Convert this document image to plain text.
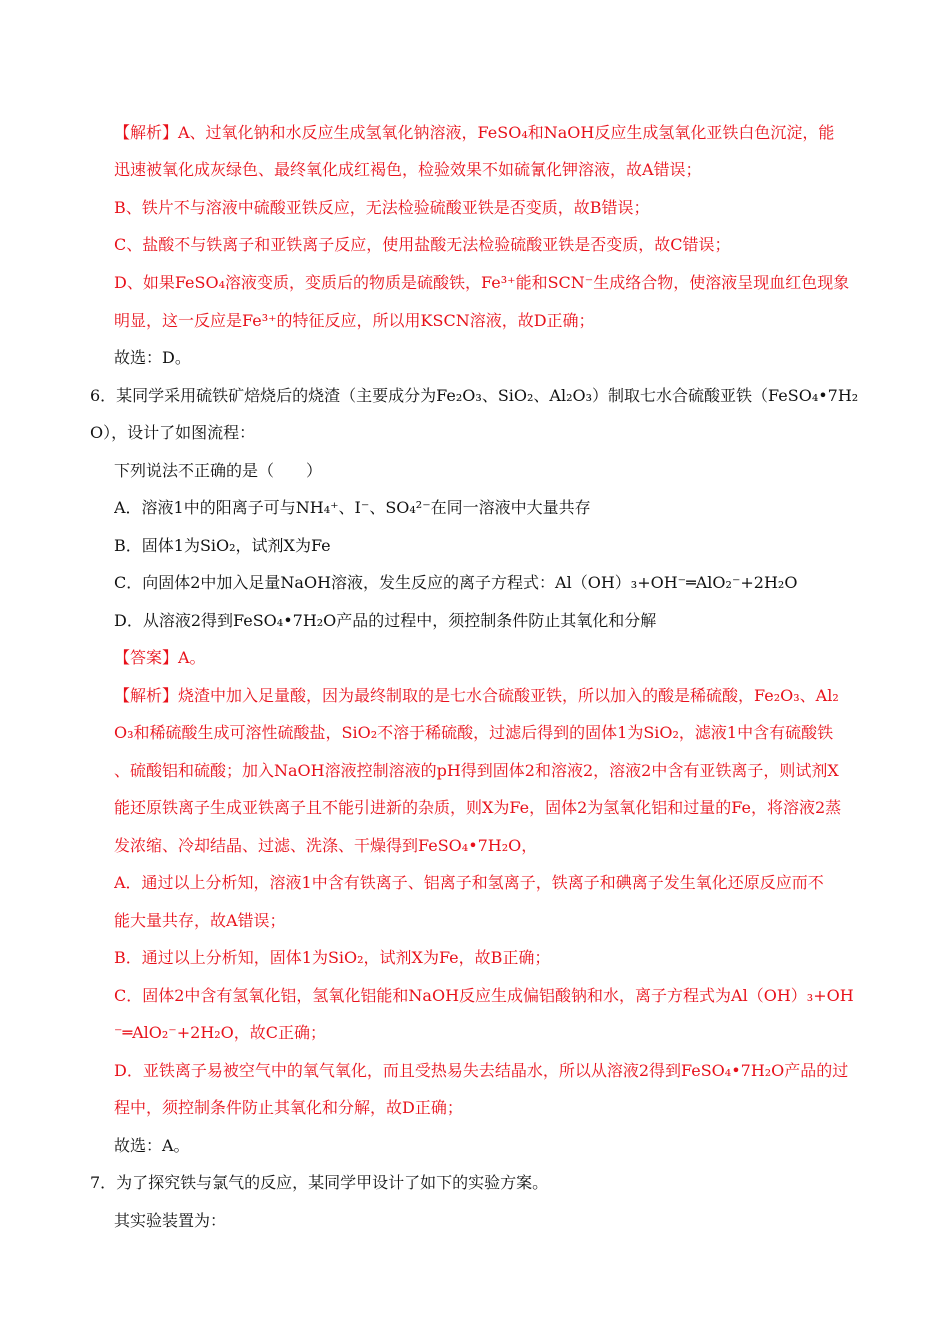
【解析】A、过氧化钠和水反应生成氢氧化钠溶液，FeSO₄和NaOH反应生成氢氧化亚铁白色沉淀，能
迅速被氧化成灰绿色、最终氧化成红褐色，检验效果不如硫氰化钾溶液，故A错误；
B、铁片不与溶液中硫酸亚铁反应，无法检验硫酸亚铁是否变质，故B错误；
C、盐酸不与铁离子和亚铁离子反应，使用盐酸无法检验硫酸亚铁是否变质，故C错误；
D、如果FeSO₄溶液变质，变质后的物质是硫酸铁，Fe³⁺能和SCN⁻生成络合物，使溶液呈现血红色现象
明显，这一反应是Fe³⁺的特征反应，所以用KSCN溶液，故D正确；
故选：D。
6．某同学采用硫铁矿焙烧后的烧渣（主要成分为Fe₂O₃、SiO₂、Al₂O₃）制取七水合硫酸亚铁（FeSO₄•7H₂
O），设计了如图流程：
下列说法不正确的是（　　）
A．溶液1中的阳离子可与NH₄⁺、I⁻、SO₄²⁻在同一溶液中大量共存
B．固体1为SiO₂，试剂X为Fe
C．向固体2中加入足量NaOH溶液，发生反应的离子方程式：Al（OH）₃+OH⁻═AlO₂⁻+2H₂O
D．从溶液2得到FeSO₄•7H₂O产品的过程中，须控制条件防止其氧化和分解
【答案】A。
【解析】烧渣中加入足量酸，因为最终制取的是七水合硫酸亚铁，所以加入的酸是稀硫酸，Fe₂O₃、Al₂
O₃和稀硫酸生成可溶性硫酸盐，SiO₂不溶于稀硫酸，过滤后得到的固体1为SiO₂，滤液1中含有硫酸铁
、硫酸铝和硫酸；加入NaOH溶液控制溶液的pH得到固体2和溶液2，溶液2中含有亚铁离子，则试剂X
能还原铁离子生成亚铁离子且不能引进新的杂质，则X为Fe，固体2为氢氧化铝和过量的Fe，将溶液2蒸
发浓缩、冷却结晶、过滤、洗涤、干燥得到FeSO₄•7H₂O，
A．通过以上分析知，溶液1中含有铁离子、铝离子和氢离子，铁离子和碘离子发生氧化还原反应而不
能大量共存，故A错误；
B．通过以上分析知，固体1为SiO₂，试剂X为Fe，故B正确；
C．固体2中含有氢氧化铝，氢氧化铝能和NaOH反应生成偏铝酸钠和水，离子方程式为Al（OH）₃+OH
⁻═AlO₂⁻+2H₂O，故C正确；
D．亚铁离子易被空气中的氧气氧化，而且受热易失去结晶水，所以从溶液2得到FeSO₄•7H₂O产品的过
程中，须控制条件防止其氧化和分解，故D正确；
故选：A。
7．为了探究铁与氯气的反应，某同学甲设计了如下的实验方案。
其实验装置为：
